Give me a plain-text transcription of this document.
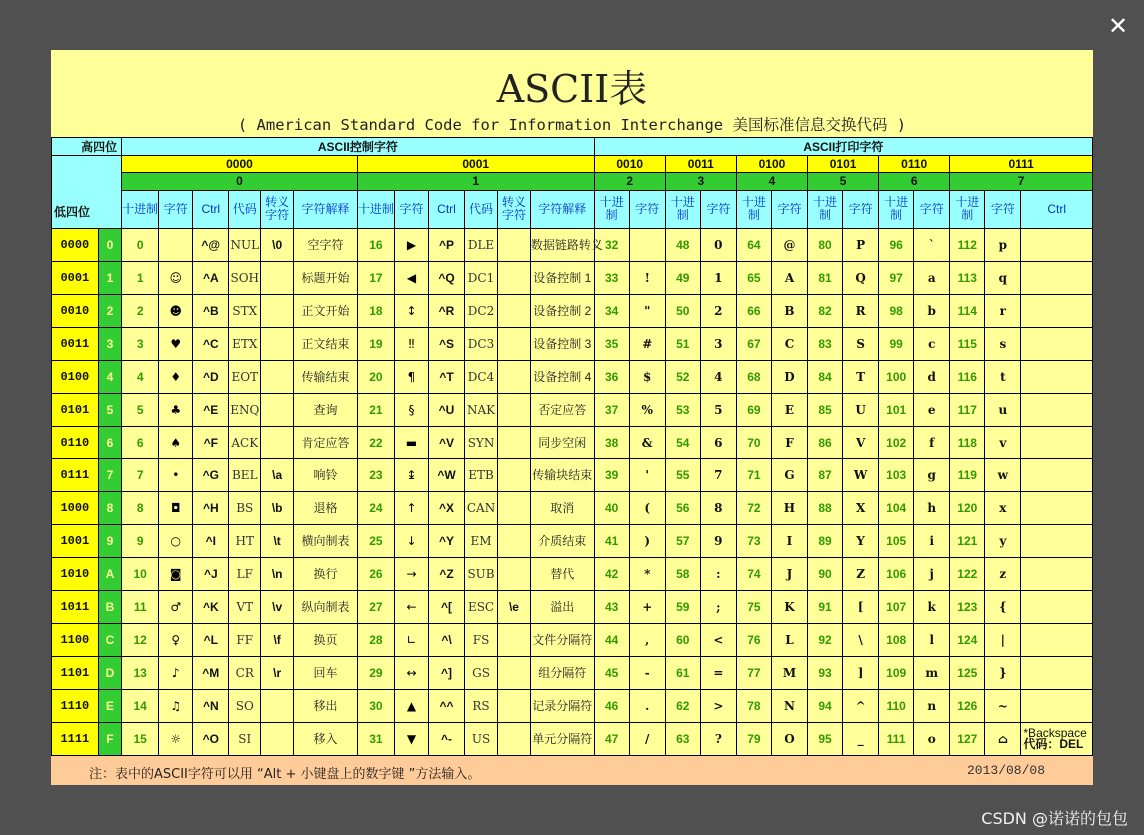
✕
ASCII表
( American Standard Code for Information Interchange 美国标准信息交换代码 )
高四位		ASCII控制字符												ASCII打印字符												
低四位		0000						0001						0010		0011		0100		0101		0110		0111		
		0						1						2		3		4		5		6		7		
		十进制	字符	Ctrl	代码	转义字符	字符解释	十进制	字符	Ctrl	代码	转义字符	字符解释	十进制	字符	十进制	字符	十进制	字符	十进制	字符	十进制	字符	十进制	字符	Ctrl
0000	0	0		^@	NUL	\0	空字符	16	▶	^P	DLE		数据链路转义	32		48	0	64	@	80	P	96	`	112	p	
0001	1	1	☺	^A	SOH		标题开始	17	◀	^Q	DC1		设备控制 1	33	!	49	1	65	A	81	Q	97	a	113	q	
0010	2	2	☻	^B	STX		正文开始	18	↕	^R	DC2		设备控制 2	34	"	50	2	66	B	82	R	98	b	114	r	
0011	3	3	♥	^C	ETX		正文结束	19	‼	^S	DC3		设备控制 3	35	#	51	3	67	C	83	S	99	c	115	s	
0100	4	4	♦	^D	EOT		传输结束	20	¶	^T	DC4		设备控制 4	36	$	52	4	68	D	84	T	100	d	116	t	
0101	5	5	♣	^E	ENQ		查询	21	§	^U	NAK		否定应答	37	%	53	5	69	E	85	U	101	e	117	u	
0110	6	6	♠	^F	ACK		肯定应答	22	▬	^V	SYN		同步空闲	38	&	54	6	70	F	86	V	102	f	118	v	
0111	7	7	•	^G	BEL	\a	响铃	23	↨	^W	ETB		传输块结束	39	'	55	7	71	G	87	W	103	g	119	w	
1000	8	8	◘	^H	BS	\b	退格	24	↑	^X	CAN		取消	40	(	56	8	72	H	88	X	104	h	120	x	
1001	9	9	○	^I	HT	\t	横向制表	25	↓	^Y	EM		介质结束	41	)	57	9	73	I	89	Y	105	i	121	y	
1010	A	10	◙	^J	LF	\n	换行	26	→	^Z	SUB		替代	42	*	58	:	74	J	90	Z	106	j	122	z	
1011	B	11	♂	^K	VT	\v	纵向制表	27	←	^[	ESC	\e	溢出	43	+	59	;	75	K	91	[	107	k	123	{	
1100	C	12	♀	^L	FF	\f	换页	28	∟	^\	FS		文件分隔符	44	,	60	<	76	L	92	\	108	l	124	|	
1101	D	13	♪	^M	CR	\r	回车	29	↔	^]	GS		组分隔符	45	-	61	=	77	M	93	]	109	m	125	}	
1110	E	14	♫	^N	SO		移出	30	▲	^^	RS		记录分隔符	46	.	62	>	78	N	94	^	110	n	126	~	
1111	F	15	☼	^O	SI		移入	31	▼	^-	US		单元分隔符	47	/	63	?	79	O	95	_	111	o	127	⌂	*Backspace
代码：DEL
注：表中的ASCII字符可以用 “Alt + 小键盘上的数字键 ”方法输入。	2013/08/08
CSDN @诺诺的包包
